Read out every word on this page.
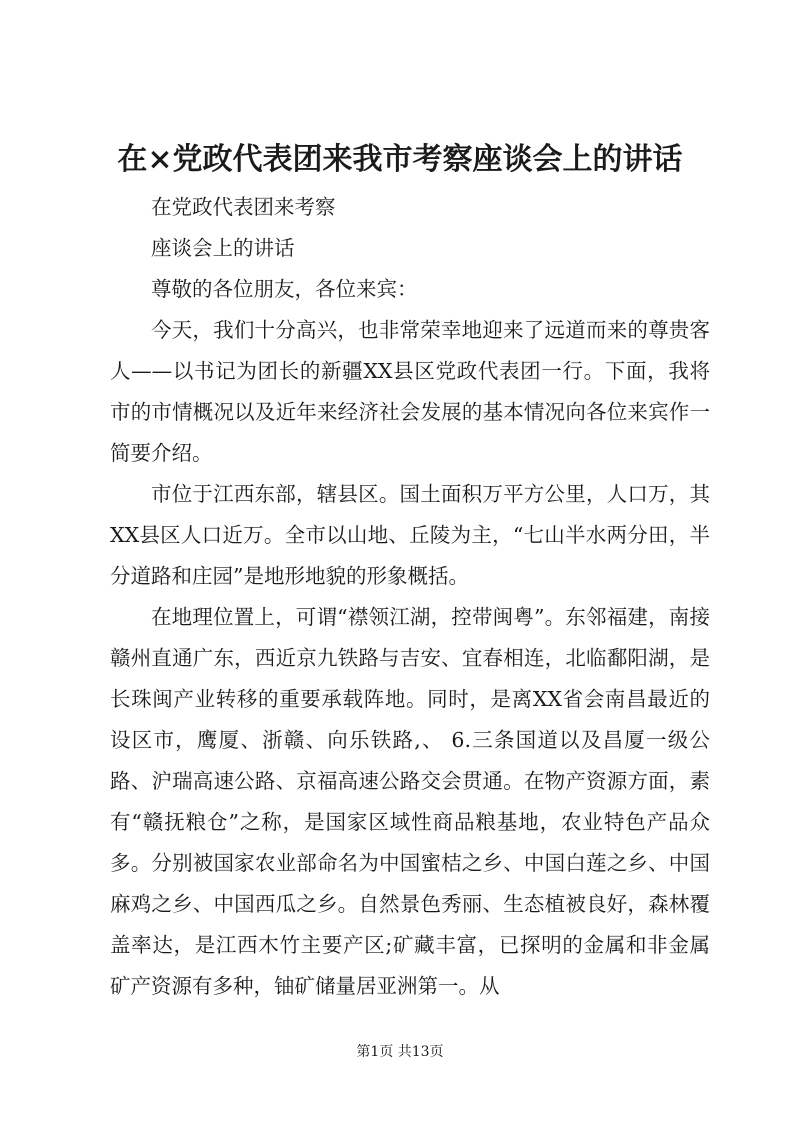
在×党政代表团来我市考察座谈会上的讲话

在党政代表团来考察

座谈会上的讲话

尊敬的各位朋友，各位来宾：

今天，我们十分高兴，也非常荣幸地迎来了远道而来的尊贵客人——以书记为团长的新疆XX县区党政代表团一行。下面，我将市的市情概况以及近年来经济社会发展的基本情况向各位来宾作一简要介绍。

市位于江西东部，辖县区。国土面积万平方公里，人口万，其XX县区人口近万。全市以山地、丘陵为主，“七山半水两分田，半分道路和庄园”是地形地貌的形象概括。

在地理位置上，可谓“襟领江湖，控带闽粤”。东邻福建，南接赣州直通广东，西近京九铁路与吉安、宜春相连，北临鄱阳湖，是长珠闽产业转移的重要承载阵地。同时，是离XX省会南昌最近的设区市，鹰厦、浙赣、向乐铁路,、 6.三条国道以及昌厦一级公路、沪瑞高速公路、京福高速公路交会贯通。在物产资源方面，素有“赣抚粮仓”之称，是国家区域性商品粮基地，农业特色产品众多。分别被国家农业部命名为中国蜜桔之乡、中国白莲之乡、中国麻鸡之乡、中国西瓜之乡。自然景色秀丽、生态植被良好，森林覆盖率达，是江西木竹主要产区;矿藏丰富，已探明的金属和非金属矿产资源有多种，铀矿储量居亚洲第一。从

第1页 共13页
